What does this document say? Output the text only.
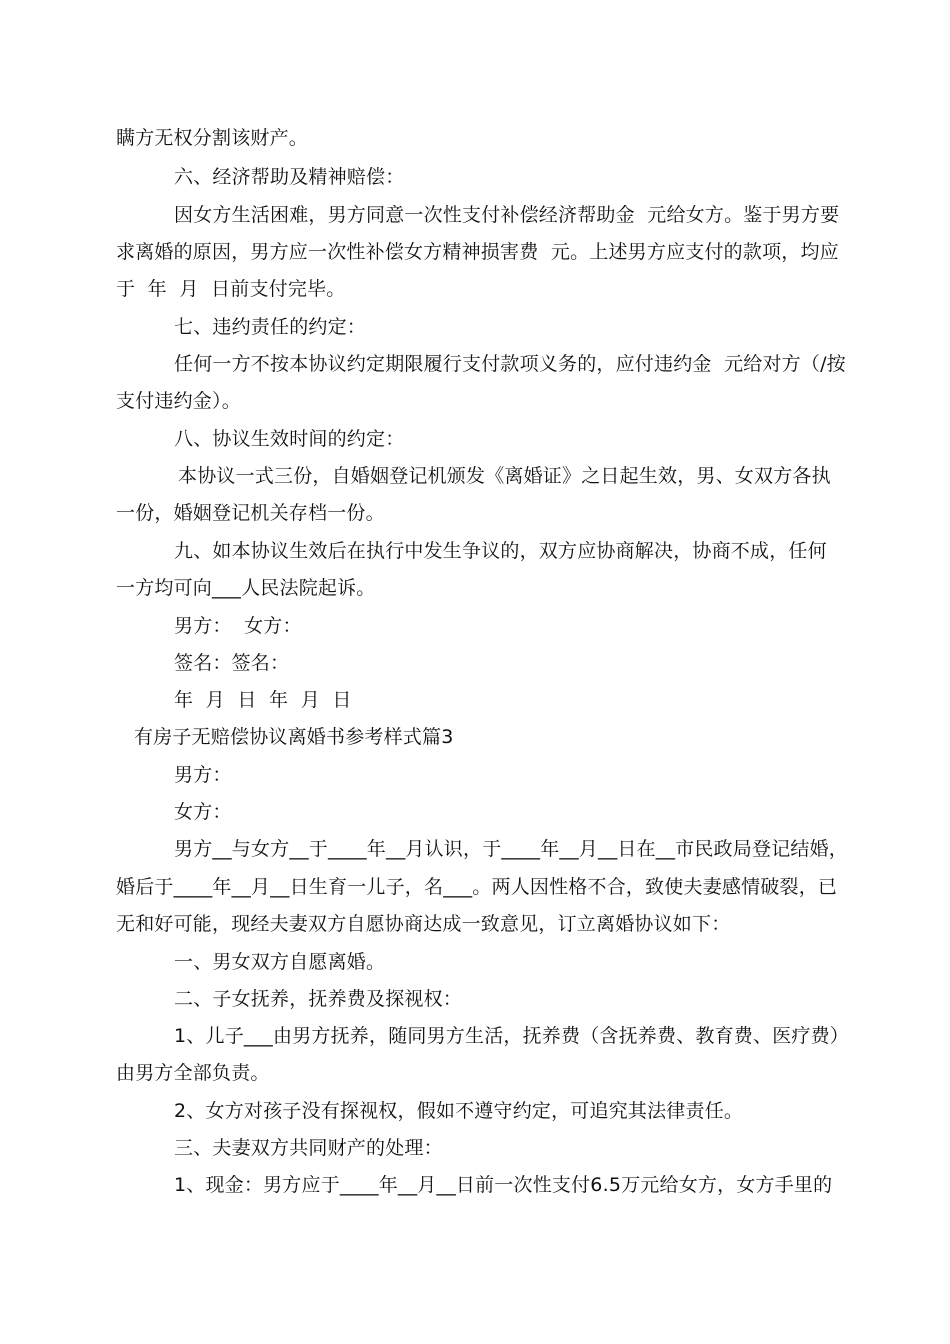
瞒方无权分割该财产。
六、经济帮助及精神赔偿：
因女方生活困难，男方同意一次性支付补偿经济帮助金  元给女方。鉴于男方要
求离婚的原因，男方应一次性补偿女方精神损害费  元。上述男方应支付的款项，均应
于  年  月  日前支付完毕。
七、违约责任的约定：
任何一方不按本协议约定期限履行支付款项义务的，应付违约金  元给对方（/按
支付违约金）。
八、协议生效时间的约定：
本协议一式三份，自婚姻登记机颁发《离婚证》之日起生效，男、女双方各执
一份，婚姻登记机关存档一份。
九、如本协议生效后在执行中发生争议的，双方应协商解决，协商不成，任何
一方均可向___人民法院起诉。
男方：  女方：
签名：签名：
年  月  日  年  月  日
有房子无赔偿协议离婚书参考样式篇3
男方：
女方：
男方__与女方__于____年__月认识，于____年__月__日在__市民政局登记结婚，
婚后于____年__月__日生育一儿子，名___。两人因性格不合，致使夫妻感情破裂，已
无和好可能，现经夫妻双方自愿协商达成一致意见，订立离婚协议如下：
一、男女双方自愿离婚。
二、子女抚养，抚养费及探视权：
1、儿子___由男方抚养，随同男方生活，抚养费（含抚养费、教育费、医疗费）
由男方全部负责。
2、女方对孩子没有探视权，假如不遵守约定，可追究其法律责任。
三、夫妻双方共同财产的处理：
1、现金：男方应于____年__月__日前一次性支付6.5万元给女方，女方手里的
